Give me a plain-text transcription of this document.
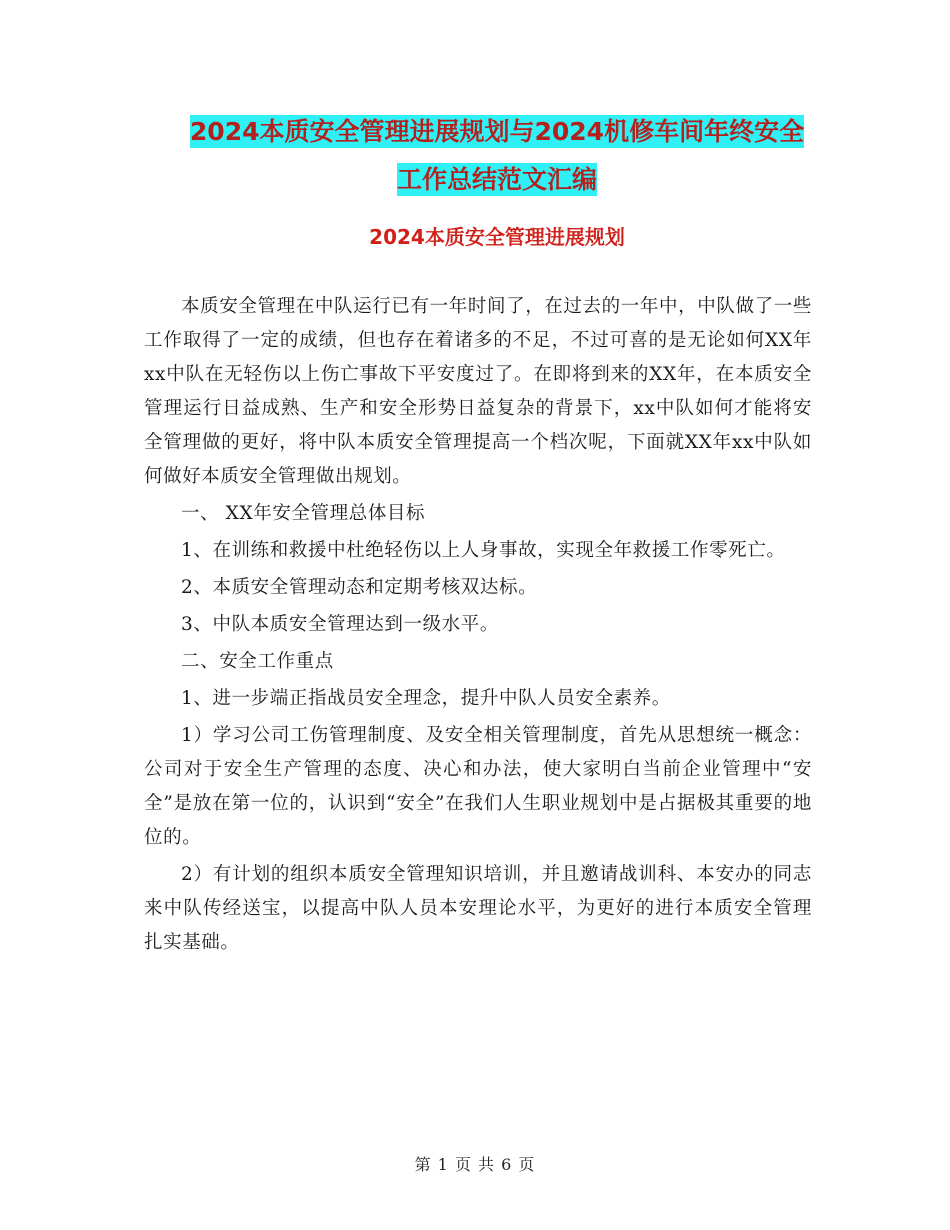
2024本质安全管理进展规划与2024机修车间年终安全
工作总结范文汇编
2024本质安全管理进展规划

本质安全管理在中队运行已有一年时间了，在过去的一年中，中队做了一些工作取得了一定的成绩，但也存在着诸多的不足，不过可喜的是无论如何XX年xx中队在无轻伤以上伤亡事故下平安度过了。在即将到来的XX年，在本质安全管理运行日益成熟、生产和安全形势日益复杂的背景下，xx中队如何才能将安全管理做的更好，将中队本质安全管理提高一个档次呢，下面就XX年xx中队如何做好本质安全管理做出规划。

一、 XX年安全管理总体目标

1、在训练和救援中杜绝轻伤以上人身事故，实现全年救援工作零死亡。

2、本质安全管理动态和定期考核双达标。

3、中队本质安全管理达到一级水平。

二、安全工作重点

1、进一步端正指战员安全理念，提升中队人员安全素养。

1）学习公司工伤管理制度、及安全相关管理制度，首先从思想统一概念：公司对于安全生产管理的态度、决心和办法，使大家明白当前企业管理中“安全”是放在第一位的，认识到“安全”在我们人生职业规划中是占据极其重要的地位的。

2）有计划的组织本质安全管理知识培训，并且邀请战训科、本安办的同志来中队传经送宝，以提高中队人员本安理论水平，为更好的进行本质安全管理扎实基础。

第 1 页 共 6 页
